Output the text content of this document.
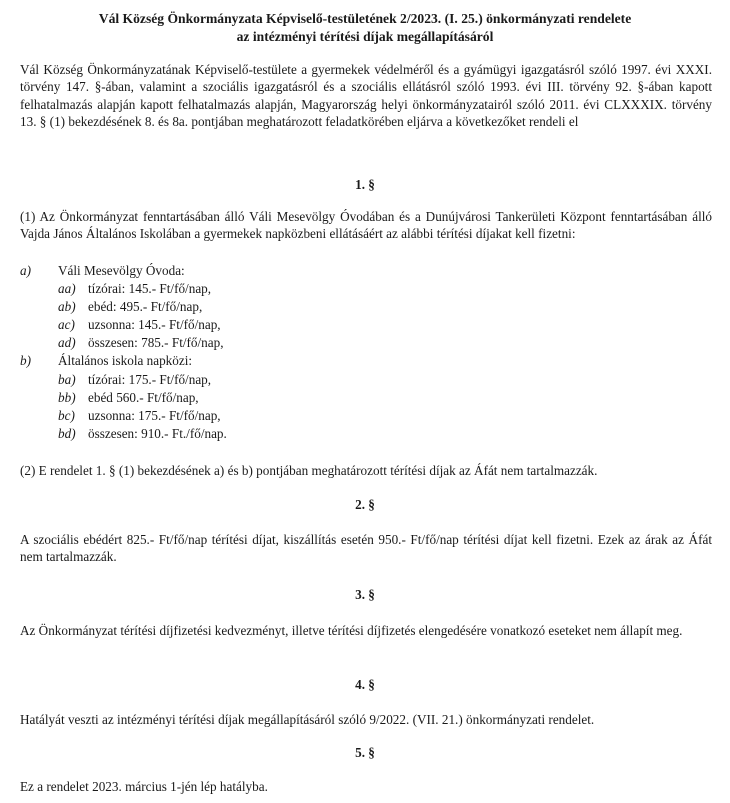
Vál Község Önkormányzata Képviselő-testületének 2/2023. (I. 25.) önkormányzati rendelete
az intézményi térítési díjak megállapításáról
Vál Község Önkormányzatának Képviselő-testülete a gyermekek védelméről és a gyámügyi igazgatásról szóló 1997. évi XXXI. törvény 147. §-ában, valamint a szociális igazgatásról és a szociális ellátásról szóló 1993. évi III. törvény 92. §-ában kapott felhatalmazás alapján kapott felhatalmazás alapján, Magyarország helyi önkormányzatairól szóló 2011. évi CLXXXIX. törvény 13. § (1) bekezdésének 8. és 8a. pontjában meghatározott feladatkörében eljárva a következőket rendeli el
1. §
(1) Az Önkormányzat fenntartásában álló Váli Mesevölgy Óvodában és a Dunújvárosi Tankerületi Központ fenntartásában álló Vajda János Általános Iskolában a gyermekek napközbeni ellátásáért az alábbi térítési díjakat kell fizetni:
a) Váli Mesevölgy Óvoda:
aa) tízórai: 145.- Ft/fő/nap,
ab) ebéd: 495.- Ft/fő/nap,
ac) uzsonna: 145.- Ft/fő/nap,
ad) összesen: 785.- Ft/fő/nap,
b) Általános iskola napközi:
ba) tízórai: 175.- Ft/fő/nap,
bb) ebéd 560.- Ft/fő/nap,
bc) uzsonna: 175.- Ft/fő/nap,
bd) összesen: 910.- Ft./fő/nap.
(2) E rendelet 1. § (1) bekezdésének a) és b) pontjában meghatározott térítési díjak az Áfát nem tartalmazzák.
2. §
A szociális ebédért 825.- Ft/fő/nap térítési díjat, kiszállítás esetén 950.- Ft/fő/nap térítési díjat kell fizetni. Ezek az árak az Áfát nem tartalmazzák.
3. §
Az Önkormányzat térítési díjfizetési kedvezményt, illetve térítési díjfizetés elengedésére vonatkozó eseteket nem állapít meg.
4. §
Hatályát veszti az intézményi térítési díjak megállapításáról szóló 9/2022. (VII. 21.) önkormányzati rendelet.
5. §
Ez a rendelet 2023. március 1-jén lép hatályba.
